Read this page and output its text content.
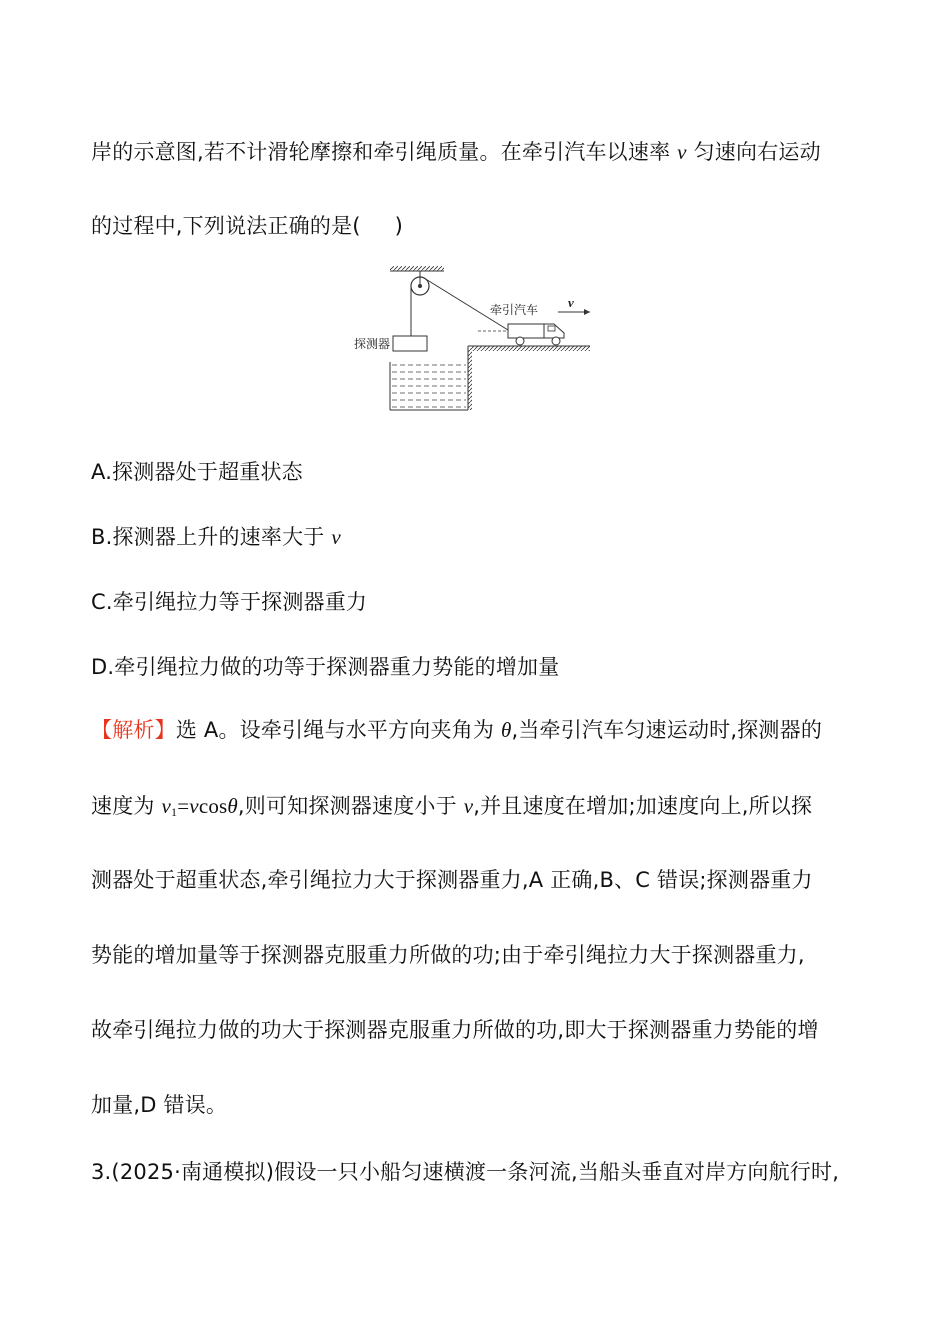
岸的示意图,若不计滑轮摩擦和牵引绳质量。在牵引汽车以速率 v 匀速向右运动
的过程中,下列说法正确的是( )
探测器
牵引汽车 v
A.探测器处于超重状态
B.探测器上升的速率大于 v
C.牵引绳拉力等于探测器重力
D.牵引绳拉力做的功等于探测器重力势能的增加量
【解析】选 A。设牵引绳与水平方向夹角为 θ,当牵引汽车匀速运动时,探测器的
速度为 $v_1=vcos\theta$,则可知探测器速度小于 v,并且速度在增加;加速度向上,所以探
测器处于超重状态,牵引绳拉力大于探测器重力,A 正确,B、C 错误;探测器重力
势能的增加量等于探测器克服重力所做的功;由于牵引绳拉力大于探测器重力,
故牵引绳拉力做的功大于探测器克服重力所做的功,即大于探测器重力势能的增
加量,D 错误。
3.(2025·南通模拟)假设一只小船匀速横渡一条河流,当船头垂直对岸方向航行时,
